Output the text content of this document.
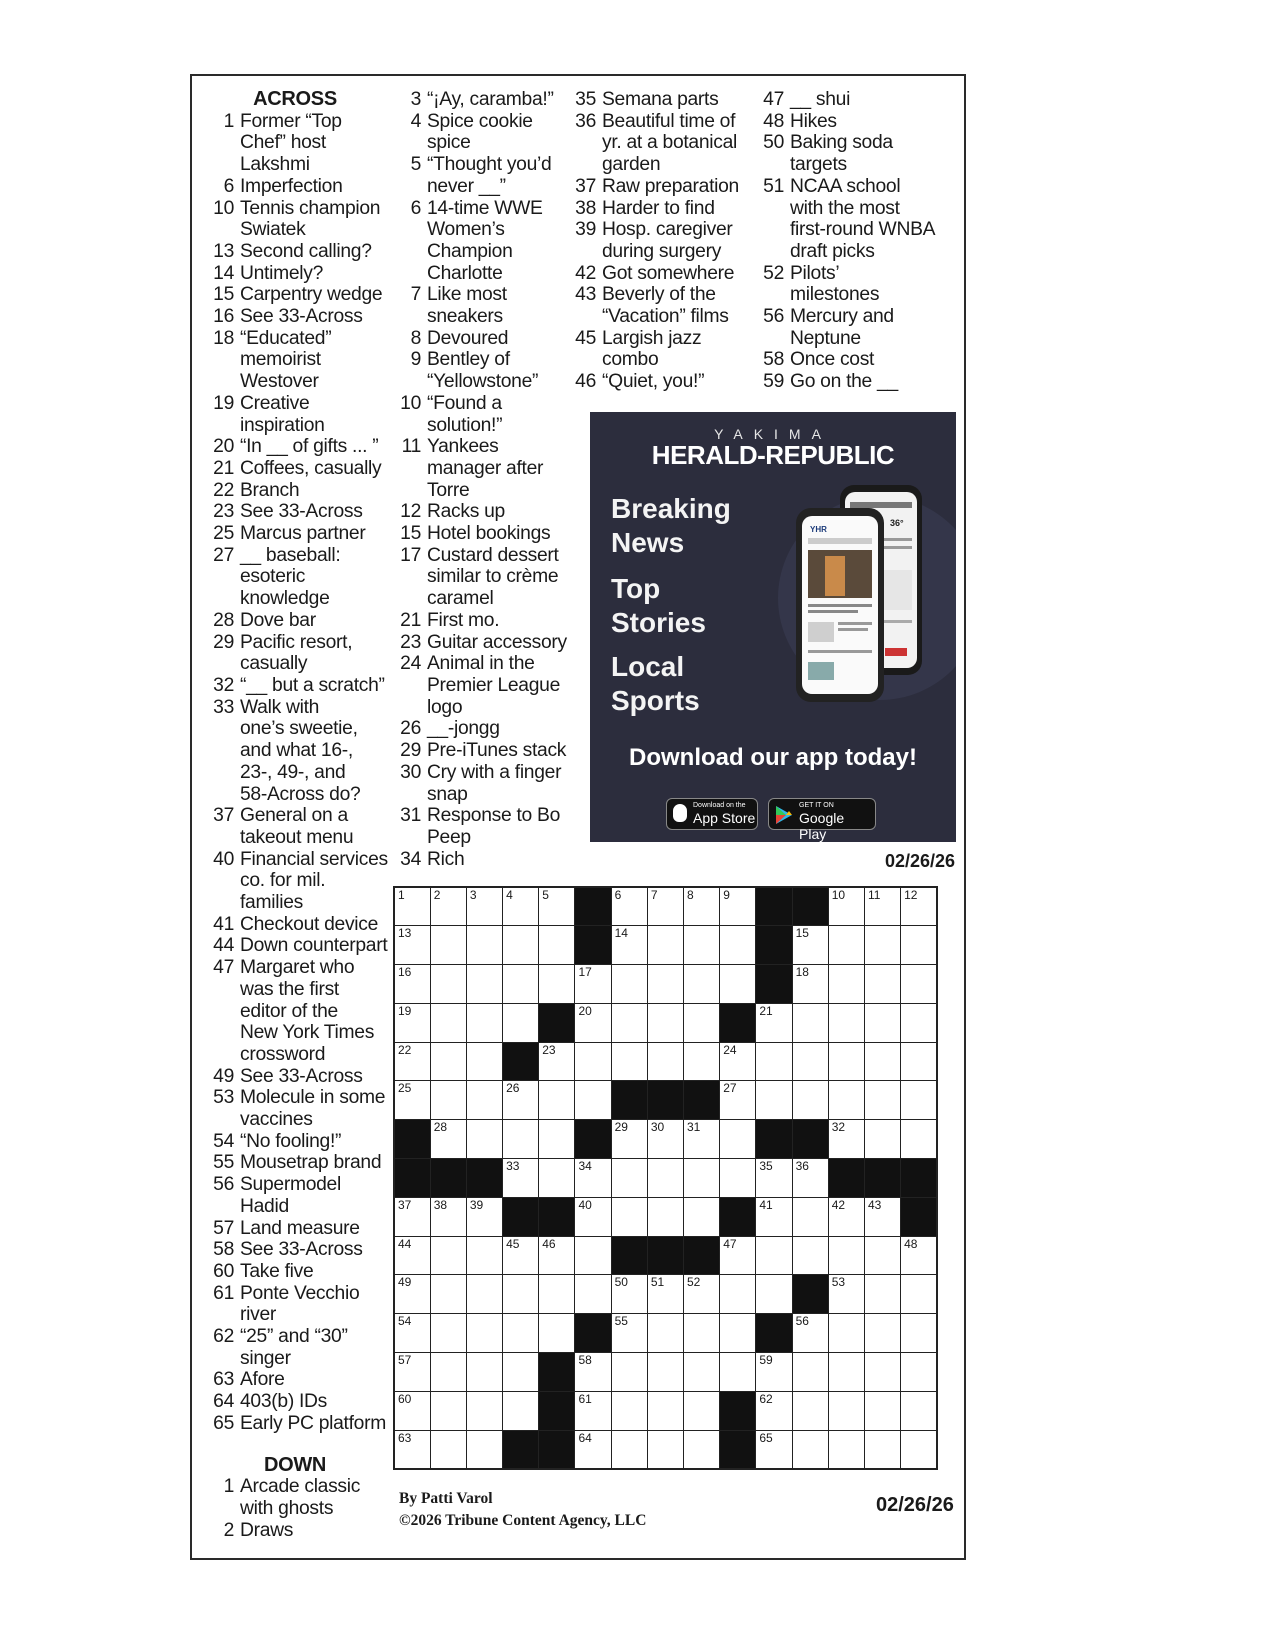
ACROSS
1 Former “Top
Chef” host
Lakshmi
6 Imperfection
10 Tennis champion
Swiatek
13 Second calling?
14 Untimely?
15 Carpentry wedge
16 See 33-Across
18 “Educated”
memoirist
Westover
19 Creative
inspiration
20 “In __ of gifts ... ”
21 Coffees, casually
22 Branch
23 See 33-Across
25 Marcus partner
27 __ baseball:
esoteric
knowledge
28 Dove bar
29 Pacific resort,
casually
32 “__ but a scratch”
33 Walk with
one’s sweetie,
and what 16-,
23-, 49-, and
58-Across do?
37 General on a
takeout menu
40 Financial services
co. for mil.
families
41 Checkout device
44 Down counterpart
47 Margaret who
was the first
editor of the
New York Times
crossword
49 See 33-Across
53 Molecule in some
vaccines
54 “No fooling!”
55 Mousetrap brand
56 Supermodel
Hadid
57 Land measure
58 See 33-Across
60 Take five
61 Ponte Vecchio
river
62 “25” and “30”
singer
63 Afore
64 403(b) IDs
65 Early PC platform
DOWN
1 Arcade classic
with ghosts
2 Draws
3 “¡Ay, caramba!”
4 Spice cookie
spice
5 “Thought you’d
never __”
6 14-time WWE
Women’s
Champion
Charlotte
7 Like most
sneakers
8 Devoured
9 Bentley of
“Yellowstone”
10 “Found a
solution!”
11 Yankees
manager after
Torre
12 Racks up
15 Hotel bookings
17 Custard dessert
similar to crème
caramel
21 First mo.
23 Guitar accessory
24 Animal in the
Premier League
logo
26 __-jongg
29 Pre-iTunes stack
30 Cry with a finger
snap
31 Response to Bo
Peep
34 Rich
35 Semana parts
36 Beautiful time of
yr. at a botanical
garden
37 Raw preparation
38 Harder to find
39 Hosp. caregiver
during surgery
42 Got somewhere
43 Beverly of the
“Vacation” films
45 Largish jazz
combo
46 “Quiet, you!”
47 __ shui
48 Hikes
50 Baking soda
targets
51 NCAA school
with the most
first-round WNBA
draft picks
52 Pilots’
milestones
56 Mercury and
Neptune
58 Once cost
59 Go on the __
YAKIMA
HERALD-REPUBLIC
Breaking News
Top Stories
Local Sports
YHR
36°
Download our app today!
Download on the
App Store
GET IT ON
Google Play
02/26/26
1	2	3	4	5		6	7	8	9			10	11	12

13						14					15			

16					17						18			

19					20					21				

22				23					24					

25			26						27					

	28					29	30	31				32		

			33		34					35	36			

37	38	39			40					41		42	43	

44			45	46					47					48

49						50	51	52				53		

54						55					56			

57					58					59				

60					61					62				

63					64					65				

By Patti Varol
©2026 Tribune Content Agency, LLC
02/26/26
